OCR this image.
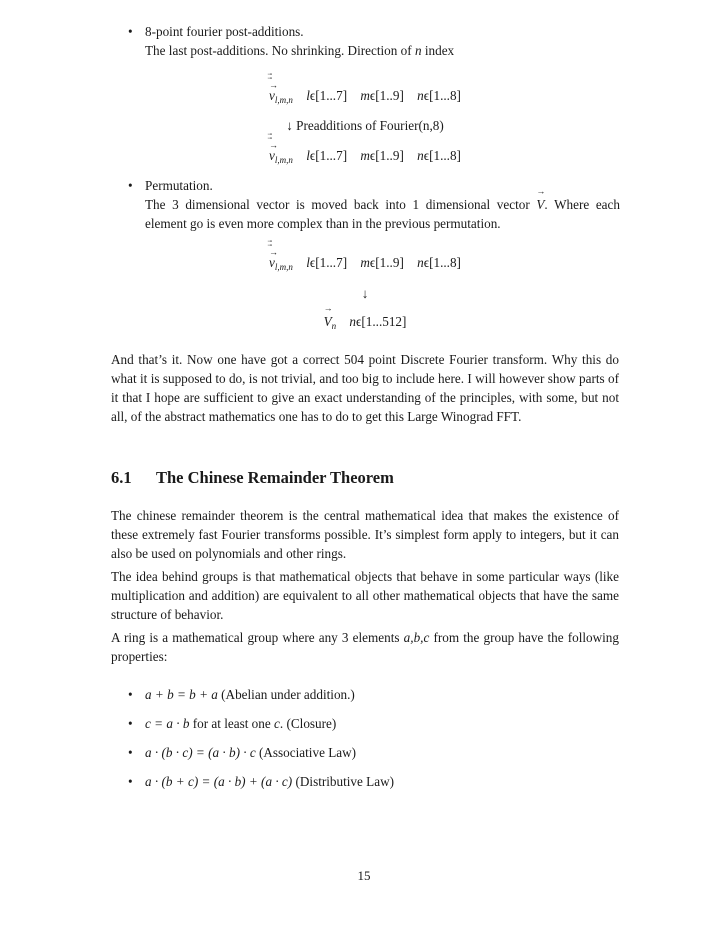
• 8-point fourier post-additions.
The last post-additions. No shrinking. Direction of n index

→
$v_{l,m,n}$ lϵ[1...7] mϵ[1..9] nϵ[1...8]
↓ Preadditions of Fourier(n,8)

→
$v_{l,m,n}$ lϵ[1...7] mϵ[1..9] nϵ[1...8]
• Permutation.
The 3 dimensional vector is moved back into 1 dimensional vector
→
V. Where each element go is even more complex than in the previous permutation.

→
$v_{l,m,n}$ lϵ[1...7] mϵ[1..9] nϵ[1...8]
↓
→
$V_n$ nϵ[1...512]

And that’s it. Now one have got a correct 504 point Discrete Fourier transform. Why this do what it is supposed to do, is not trivial, and too big to include here. I will however show parts of it that I hope are sufficient to give an exact understanding of the principles, with some, but not all, of the abstract mathematics one has to do to get this Large Winograd FFT.

6.1 The Chinese Remainder Theorem

The chinese remainder theorem is the central mathematical idea that makes the existence of these extremely fast Fourier transforms possible. It’s simplest form apply to integers, but it can also be used on polynomials and other rings.

The idea behind groups is that mathematical objects that behave in some particular ways (like multiplication and addition) are equivalent to all other mathematical objects that have the same structure of behavior.

A ring is a mathematical group where any 3 elements a,b,c from the group have the following properties:

• a + b = b + a (Abelian under addition.)
• c = a · b for at least one c. (Closure)
• a · (b · c) = (a · b) · c (Associative Law)
• a · (b + c) = (a · b) + (a · c) (Distributive Law)
15
